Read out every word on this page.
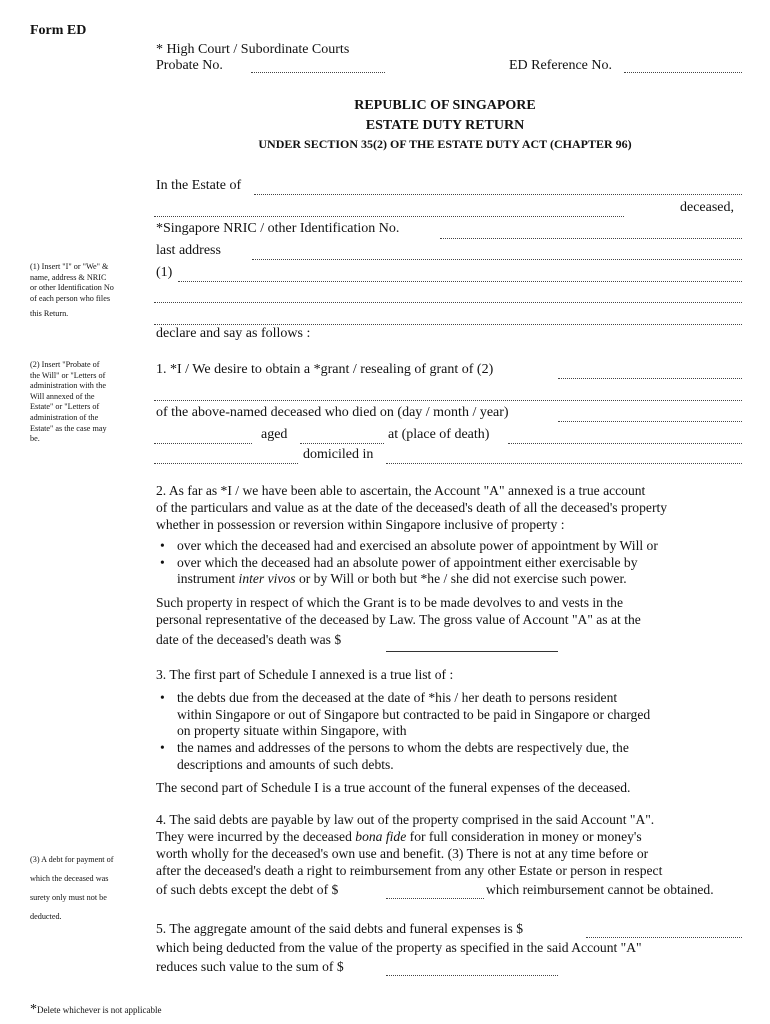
Form ED
* High Court / Subordinate Courts
Probate No.	ED Reference No.
REPUBLIC OF SINGAPORE
ESTATE DUTY RETURN
UNDER SECTION 35(2) OF THE ESTATE DUTY ACT (CHAPTER 96)
In the Estate of
deceased,
*Singapore NRIC / other Identification No.
last address
(1)
declare and say as follows :
(1) Insert "I" or "We" &
name, address & NRIC
or other Identification No
of each person who files
this Return.
(2) Insert "Probate of
the Will" or "Letters of
administration with the
Will annexed of the
Estate" or "Letters of
administration of the
Estate" as the case may
be.
(3) A debt for payment of
which the deceased was
surety only must not be
deducted.
1. *I / We desire to obtain a *grant / resealing of grant of (2)
of the above-named deceased who died on (day / month / year)
aged	at (place of death)
domiciled in

2. As far as *I / we have been able to ascertain, the Account "A" annexed is a true account

of the particulars and value as at the date of the deceased's death of all the deceased's property

whether in possession or reversion within Singapore inclusive of property :

• over which the deceased had and exercised an absolute power of appointment by Will or
• over which the deceased had an absolute power of appointment either exercisable by
instrument inter vivos or by Will or both but *he / she did not exercise such power.

Such property in respect of which the Grant is to be made devolves to and vests in the

personal representative of the deceased by Law. The gross value of Account "A" as at the

date of the deceased's death was $

3. The first part of Schedule I annexed is a true list of :
• the debts due from the deceased at the date of *his / her death to persons resident
within Singapore or out of Singapore but contracted to be paid in Singapore or charged
on property situate within Singapore, with
• the names and addresses of the persons to whom the debts are respectively due, the
descriptions and amounts of such debts.
The second part of Schedule I is a true account of the funeral expenses of the deceased.
4. The said debts are payable by law out of the property comprised in the said Account "A".
They were incurred by the deceased bona fide for full consideration in money or money's
worth wholly for the deceased's own use and benefit. (3) There is not at any time before or
after the deceased's death a right to reimbursement from any other Estate or person in respect
of such debts except the debt of $	which reimbursement cannot be obtained.
5. The aggregate amount of the said debts and funeral expenses is $
which being deducted from the value of the property as specified in the said Account "A"
reduces such value to the sum of $
*Delete whichever is not applicable
